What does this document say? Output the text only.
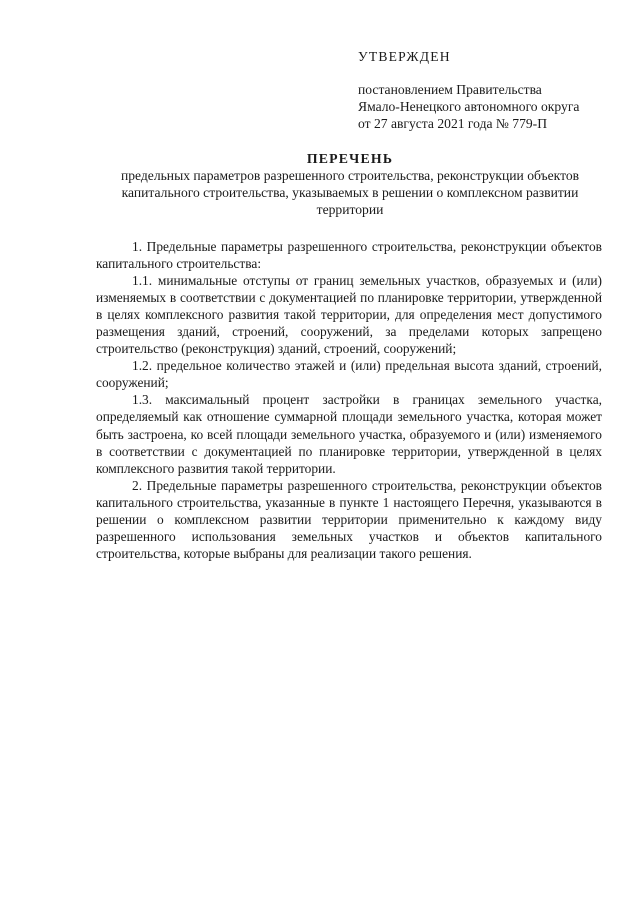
УТВЕРЖДЕН
постановлением Правительства
Ямало-Ненецкого автономного округа
от 27 августа 2021 года № 779-П
ПЕРЕЧЕНЬ
предельных параметров разрешенного строительства, реконструкции объектов
капитального строительства, указываемых в решении о комплексном развитии
территории

1. Предельные параметры разрешенного строительства, реконструкции объектов капитального строительства:

1.1. минимальные отступы от границ земельных участков, образуемых и (или) изменяемых в соответствии с документацией по планировке территории, утвержденной в целях комплексного развития такой территории, для определения мест допустимого размещения зданий, строений, сооружений, за пределами которых запрещено строительство (реконструкция) зданий, строений, сооружений;

1.2. предельное количество этажей и (или) предельная высота зданий, строений, сооружений;

1.3. максимальный процент застройки в границах земельного участка, определяемый как отношение суммарной площади земельного участка, которая может быть застроена, ко всей площади земельного участка, образуемого и (или) изменяемого в соответствии с документацией по планировке территории, утвержденной в целях комплексного развития такой территории.

2. Предельные параметры разрешенного строительства, реконструкции объектов капитального строительства, указанные в пункте 1 настоящего Перечня, указываются в решении о комплексном развитии территории применительно к каждому виду разрешенного использования земельных участков и объектов капитального строительства, которые выбраны для реализации такого решения.
